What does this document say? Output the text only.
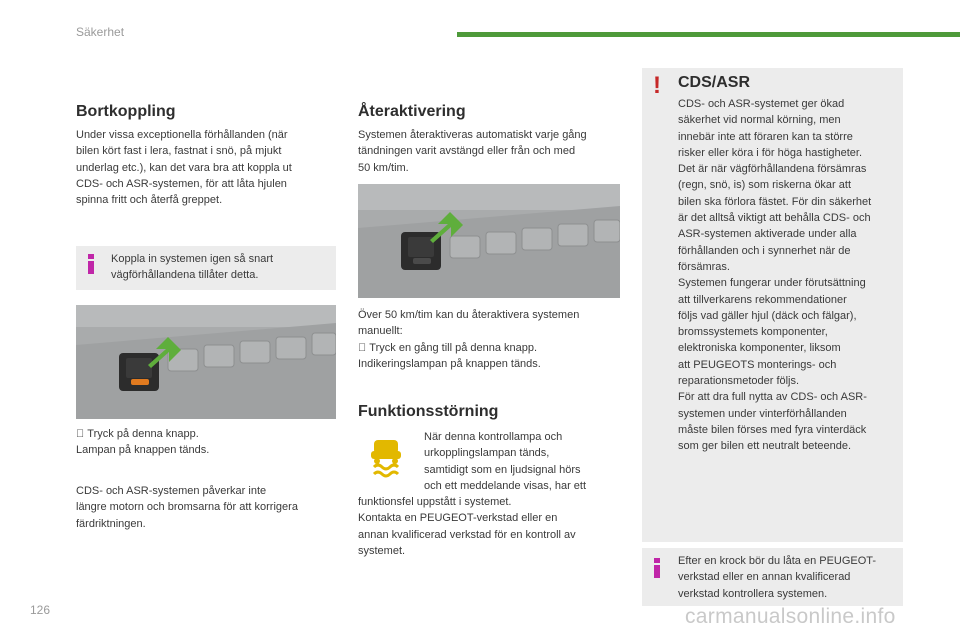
Säkerhet
Bortkoppling

Under vissa exceptionella förhållanden (när
bilen kört fast i lera, fastnat i snö, på mjukt
underlag etc.), kan det vara bra att koppla ut
CDS- och ASR-systemen, för att låta hjulen
spinna fritt och återfå greppet.

Koppla in systemen igen så snart
vägförhållandena tillåter detta.

Tryck på denna knapp.
Lampan på knappen tänds.

CDS- och ASR-systemen påverkar inte
längre motorn och bromsarna för att korrigera
färdriktningen.

Återaktivering

Systemen återaktiveras automatiskt varje gång
tändningen varit avstängd eller från och med
50 km/tim.

Över 50 km/tim kan du återaktivera systemen
manuellt:
Tryck en gång till på denna knapp.
Indikeringslampan på knappen tänds.

Funktionsstörning

När denna kontrollampa och
urkopplingslampan tänds,
samtidigt som en ljudsignal hörs
och ett meddelande visas, har ett

funktionsfel uppstått i systemet.
Kontakta en PEUGEOT-verkstad eller en
annan kvalificerad verkstad för en kontroll av
systemet.

! CDS/ASR

CDS- och ASR-systemet ger ökad
säkerhet vid normal körning, men
innebär inte att föraren kan ta större
risker eller köra i för höga hastigheter.
Det är när vägförhållandena försämras
(regn, snö, is) som riskerna ökar att
bilen ska förlora fästet. För din säkerhet
är det alltså viktigt att behålla CDS- och
ASR-systemen aktiverade under alla
förhållanden och i synnerhet när de
försämras.
Systemen fungerar under förutsättning
att tillverkarens rekommendationer
följs vad gäller hjul (däck och fälgar),
bromssystemets komponenter,
elektroniska komponenter, liksom
att PEUGEOTS monterings- och
reparationsmetoder följs.
För att dra full nytta av CDS- och ASR-
systemen under vinterförhållanden
måste bilen förses med fyra vinterdäck
som ger bilen ett neutralt beteende.

Efter en krock bör du låta en PEUGEOT-
verkstad eller en annan kvalificerad
verkstad kontrollera systemen.

126	carmanualsonline.info
